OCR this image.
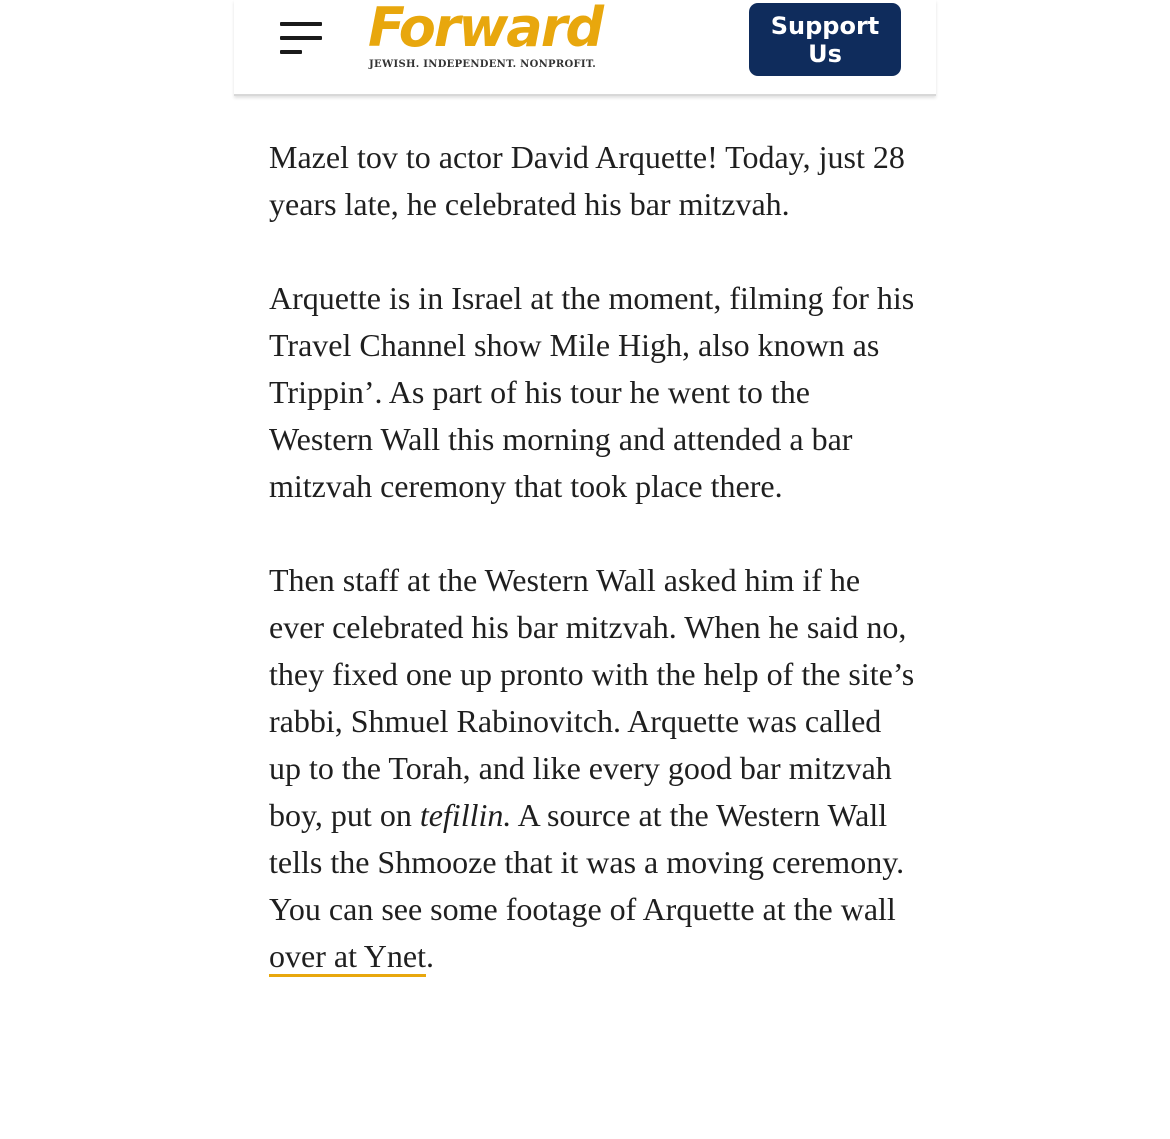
Forward
JEWISH. INDEPENDENT. NONPROFIT.
Support Us

Mazel tov to actor David Arquette! Today, just 28 years late, he celebrated his bar mitzvah.

Arquette is in Israel at the moment, filming for his Travel Channel show Mile High, also known as Trippin’. As part of his tour he went to the Western Wall this morning and attended a bar mitzvah ceremony that took place there.

Then staff at the Western Wall asked him if he ever celebrated his bar mitzvah. When he said no, they fixed one up pronto with the help of the site’s rabbi, Shmuel Rabinovitch. Arquette was called up to the Torah, and like every good bar mitzvah boy, put on tefillin. A source at the Western Wall tells the Shmooze that it was a moving ceremony. You can see some footage of Arquette at the wall over at Ynet.
